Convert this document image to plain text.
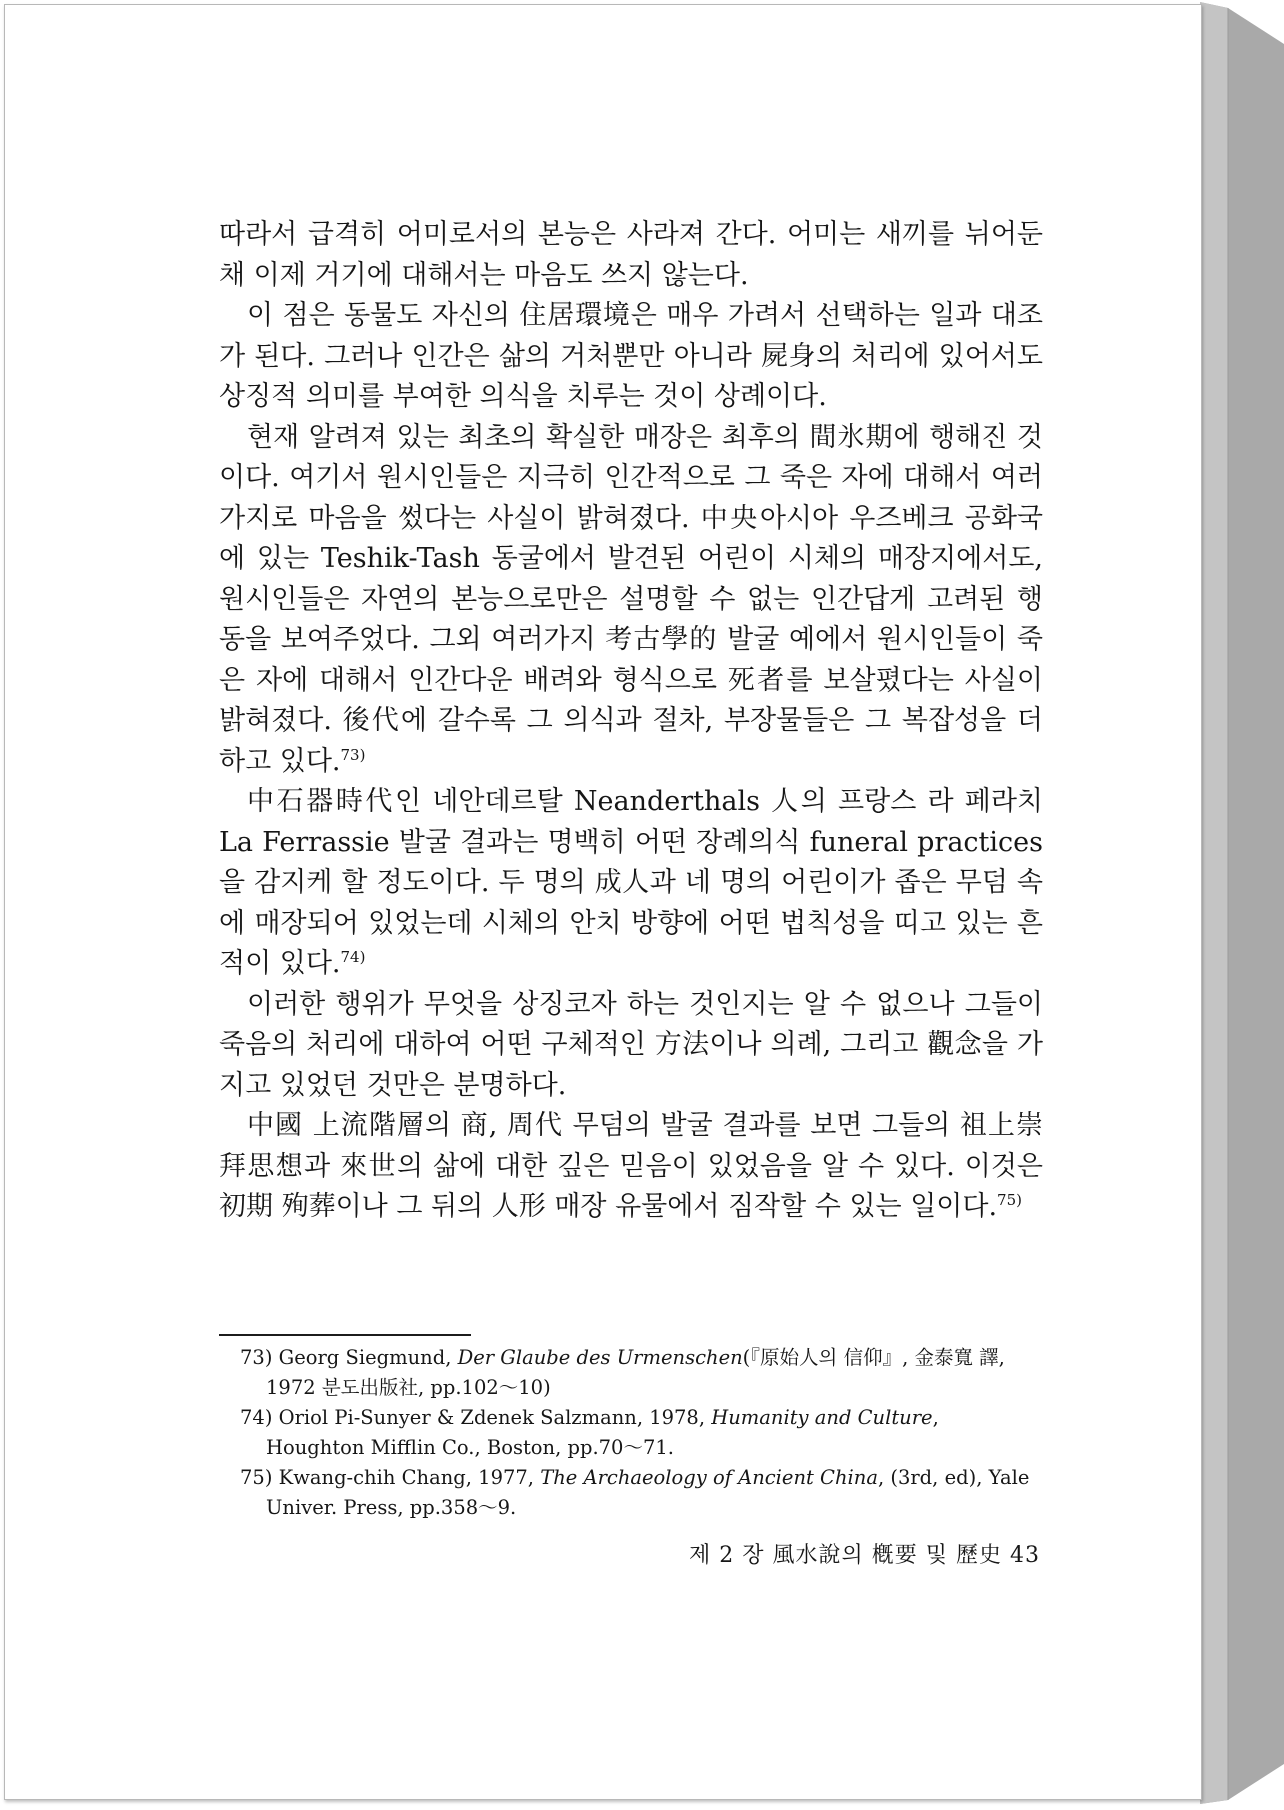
따라서 급격히 어미로서의 본능은 사라져 간다. 어미는 새끼를 뉘어둔 채 이제 거기에 대해서는 마음도 쓰지 않는다.

이 점은 동물도 자신의 住居環境은 매우 가려서 선택하는 일과 대조가 된다. 그러나 인간은 삶의 거처뿐만 아니라 屍身의 처리에 있어서도 상징적 의미를 부여한 의식을 치루는 것이 상례이다.

현재 알려져 있는 최초의 확실한 매장은 최후의 間氷期에 행해진 것이다. 여기서 원시인들은 지극히 인간적으로 그 죽은 자에 대해서 여러 가지로 마음을 썼다는 사실이 밝혀졌다. 中央아시아 우즈베크 공화국에 있는 Teshik-Tash 동굴에서 발견된 어린이 시체의 매장지에서도, 원시인들은 자연의 본능으로만은 설명할 수 없는 인간답게 고려된 행동을 보여주었다. 그외 여러가지 考古學的 발굴 예에서 원시인들이 죽은 자에 대해서 인간다운 배려와 형식으로 死者를 보살폈다는 사실이 밝혀졌다. 後代에 갈수록 그 의식과 절차, 부장물들은 그 복잡성을 더하고 있다.$^{73)}$

中石器時代인 네안데르탈 Neanderthals 人의 프랑스 라 페라치 La Ferrassie 발굴 결과는 명백히 어떤 장례의식 funeral practices을 감지케 할 정도이다. 두 명의 成人과 네 명의 어린이가 좁은 무덤 속에 매장되어 있었는데 시체의 안치 방향에 어떤 법칙성을 띠고 있는 흔적이 있다.$^{74)}$

이러한 행위가 무엇을 상징코자 하는 것인지는 알 수 없으나 그들이 죽음의 처리에 대하여 어떤 구체적인 方法이나 의례, 그리고 觀念을 가지고 있었던 것만은 분명하다.

中國 上流階層의 商, 周代 무덤의 발굴 결과를 보면 그들의 祖上崇拜思想과 來世의 삶에 대한 깊은 믿음이 있었음을 알 수 있다. 이것은 初期 殉葬이나 그 뒤의 人形 매장 유물에서 짐작할 수 있는 일이다.$^{75)}$

73) Georg Siegmund, Der Glaube des Urmenschen(『原始人의 信仰』, 金泰寬 譯, 1972 분도出版社, pp.102～10)

74) Oriol Pi-Sunyer & Zdenek Salzmann, 1978, Humanity and Culture, Houghton Mifflin Co., Boston, pp.70～71.

75) Kwang-chih Chang, 1977, The Archaeology of Ancient China, (3rd, ed), Yale Univer. Press, pp.358～9.

제 2 장 風水說의 槪要 및 歷史 43
